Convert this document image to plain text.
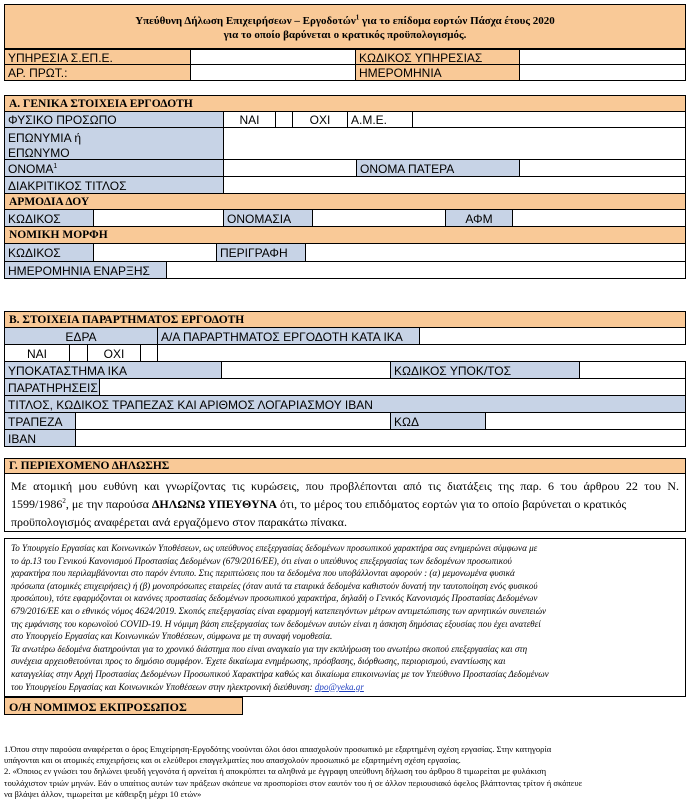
Υπεύθυνη Δήλωση Επιχειρήσεων – Εργοδοτών$^1$ για το επίδομα εορτών Πάσχα έτους 2020
για το οποίο βαρύνεται ο κρατικός προϋπολογισμός.
ΥΠΗΡΕΣΙΑ Σ.ΕΠ.Ε.	ΚΩΔΙΚΟΣ ΥΠΗΡΕΣΙΑΣ
ΑΡ. ΠΡΩΤ.:	ΗΜΕΡΟΜΗΝΙΑ
Α. ΓΕΝΙΚΑ ΣΤΟΙΧΕΙΑ ΕΡΓΟΔΟΤΗ
ΦΥΣΙΚΟ ΠΡΟΣΩΠΟ	ΝΑΙ	ΟΧΙ	Α.Μ.Ε.
ΕΠΩΝΥΜΙΑ ή
ΕΠΩΝΥΜΟ
ΟΝΟΜΑ$^1$	ΟΝΟΜΑ ΠΑΤΕΡΑ
ΔΙΑΚΡΙΤΙΚΟΣ ΤΙΤΛΟΣ
ΑΡΜΟΔΙΑ ΔΟΥ
ΚΩΔΙΚΟΣ	ΟΝΟΜΑΣΙΑ	ΑΦΜ
ΝΟΜΙΚΗ ΜΟΡΦΗ
ΚΩΔΙΚΟΣ	ΠΕΡΙΓΡΑΦΗ
ΗΜΕΡΟΜΗΝΙΑ ΕΝΑΡΞΗΣ
Β. ΣΤΟΙΧΕΙΑ ΠΑΡΑΡΤΗΜΑΤΟΣ ΕΡΓΟΔΟΤΗ
ΕΔΡΑ	Α/Α ΠΑΡΑΡΤΗΜΑΤΟΣ ΕΡΓΟΔΟΤΗ ΚΑΤΑ ΙΚΑ
ΝΑΙ	ΟΧΙ
ΥΠΟΚΑΤΑΣΤΗΜΑ ΙΚΑ	ΚΩΔΙΚΟΣ ΥΠΟΚ/ΤΟΣ
ΠΑΡΑΤΗΡΗΣΕΙΣ
ΤΙΤΛΟΣ, ΚΩΔΙΚΟΣ ΤΡΑΠΕΖΑΣ ΚΑΙ ΑΡΙΘΜΟΣ ΛΟΓΑΡΙΑΣΜΟΥ IBAN
ΤΡΑΠΕΖΑ	ΚΩΔ
IBAN
Γ. ΠΕΡΙΕΧΟΜΕΝΟ ΔΗΛΩΣΗΣ
Με ατομική μου ευθύνη και γνωρίζοντας τις κυρώσεις, που προβλέπονται από τις διατάξεις της παρ. 6 του άρθρου 22 του Ν.
1599/1986$^2$, με την παρούσα ΔΗΛΩΝΩ ΥΠΕΥΘΥΝΑ ότι, το μέρος του επιδόματος εορτών για το οποίο βαρύνεται ο κρατικός
προϋπολογισμός αναφέρεται ανά εργαζόμενο στον παρακάτω πίνακα.
Το Υπουργείο Εργασίας και Κοινωνικών Υποθέσεων, ως υπεύθυνος επεξεργασίας δεδομένων προσωπικού χαρακτήρα σας ενημερώνει σύμφωνα με
το άρ.13 του Γενικού Κανονισμού Προστασίας Δεδομένων (679/2016/ΕΕ), ότι είναι ο υπεύθυνος επεξεργασίας των δεδομένων προσωπικού
χαρακτήρα που περιλαμβάνονται στο παρόν έντυπο. Στις περιπτώσεις που τα δεδομένα που υποβάλλονται αφορούν : (α) μεμονωμένα φυσικά
πρόσωπα (ατομικές επιχειρήσεις) ή (β) μονοπρόσωπες εταιρείες (όταν αυτά τα εταιρικά δεδομένα καθιστούν δυνατή την ταυτοποίηση ενός φυσικού
προσώπου), τότε εφαρμόζονται οι κανόνες προστασίας δεδομένων προσωπικού χαρακτήρα, δηλαδή ο Γενικός Κανονισμός Προστασίας Δεδομένων
679/2016/ΕΕ και ο εθνικός νόμος 4624/2019. Σκοπός επεξεργασίας είναι εφαρμογή κατεπειγόντων μέτρων αντιμετώπισης των αρνητικών συνεπειών
της εμφάνισης του κορωνοϊού COVID-19. Η νόμιμη βάση επεξεργασίας των δεδομένων αυτών είναι η άσκηση δημόσιας εξουσίας που έχει ανατεθεί
στο Υπουργείο Εργασίας και Κοινωνικών Υποθέσεων, σύμφωνα με τη συναφή νομοθεσία.
Τα ανωτέρω δεδομένα διατηρούνται για το χρονικό διάστημα που είναι αναγκαίο για την εκπλήρωση του ανωτέρω σκοπού επεξεργασίας και στη
συνέχεια αρχειοθετούνται προς το δημόσιο συμφέρον. Έχετε δικαίωμα ενημέρωσης, πρόσβασης, διόρθωσης, περιορισμού, εναντίωσης και
καταγγελίας στην Αρχή Προστασίας Δεδομένων Προσωπικού Χαρακτήρα καθώς και δικαίωμα επικοινωνίας με τον Υπεύθυνο Προστασίας Δεδομένων
του Υπουργείου Εργασίας και Κοινωνικών Υποθέσεων στην ηλεκτρονική διεύθυνση: dpo@yeka.gr
Ο/Η ΝΟΜΙΜΟΣ ΕΚΠΡΟΣΩΠΟΣ
1.Όπου στην παρούσα αναφέρεται ο όρος Επιχείρηση-Εργοδότης νοούνται όλοι όσοι απασχολούν προσωπικό με εξαρτημένη σχέση εργασίας. Στην κατηγορία
υπάγονται και οι ατομικές επιχειρήσεις και οι ελεύθεροι επαγγελματίες που απασχολούν προσωπικό με εξαρτημένη σχέση εργασίας.
2. «Όποιος εν γνώσει του δηλώνει ψευδή γεγονότα ή αρνείται ή αποκρύπτει τα αληθινά με έγγραφη υπεύθυνη δήλωση του άρθρου 8 τιμωρείται με φυλάκιση
τουλάχιστον τριών μηνών. Εάν ο υπαίτιος αυτών των πράξεων σκόπευε να προσπορίσει στον εαυτόν του ή σε άλλον περιουσιακό όφελος βλάπτοντας τρίτον ή σκόπευε
να βλάψει άλλον, τιμωρείται με κάθειρξη μέχρι 10 ετών»
